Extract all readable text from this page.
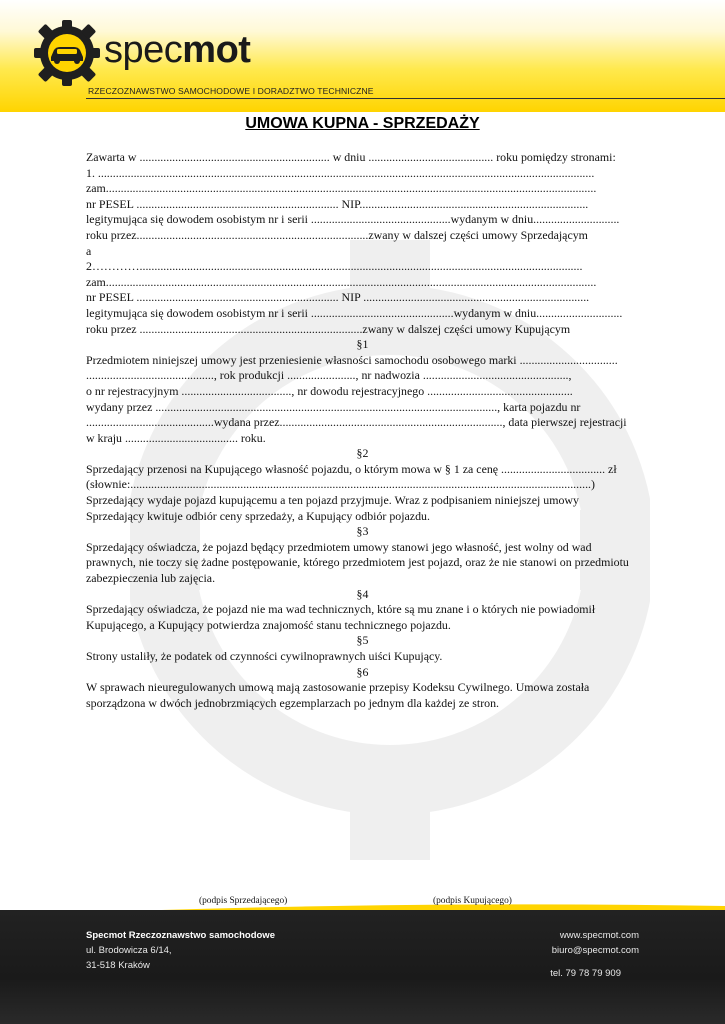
specmot
RZECZOZNAWSTWO SAMOCHODOWE I DORADZTWO TECHNICZNE
UMOWA KUPNA - SPRZEDAŻY
Zawarta w ................................................................ w dniu .......................................... roku pomiędzy stronami:
1. .......................................................................................................................................................................
zam.....................................................................................................................................................................
nr PESEL .................................................................... NIP.............................................................................
legitymująca się dowodem osobistym nr i serii ...............................................wydanym w dniu.............................
roku przez..............................................................................zwany w dalszej części umowy Sprzedającym
a
2………….....................................................................................................................................................
zam.....................................................................................................................................................................
nr PESEL .................................................................... NIP ............................................................................
legitymująca się dowodem osobistym nr i serii ................................................wydanym w dniu.............................
roku przez ...........................................................................zwany w dalszej części umowy Kupującym
§1
Przedmiotem niniejszej umowy jest przeniesienie własności samochodu osobowego marki .................................
..........................................., rok produkcji ......................., nr nadwozia .................................................,
o nr rejestracyjnym ....................................., nr dowodu rejestracyjnego .................................................
wydany przez ..................................................................................................................., karta pojazdu nr
...........................................wydana przez..........................................................................., data pierwszej rejestracji
w kraju ...................................... roku.
§2
Sprzedający przenosi na Kupującego własność pojazdu, o którym mowa w § 1 za cenę ................................... zł
(słownie:...........................................................................................................................................................)
Sprzedający wydaje pojazd kupującemu a ten pojazd przyjmuje. Wraz z podpisaniem niniejszej umowy
Sprzedający kwituje odbiór ceny sprzedaży, a Kupujący odbiór pojazdu.
§3
Sprzedający oświadcza, że pojazd będący przedmiotem umowy stanowi jego własność, jest wolny od wad prawnych, nie toczy się żadne postępowanie, którego przedmiotem jest pojazd, oraz że nie stanowi on przedmiotu zabezpieczenia lub zajęcia.
§4
Sprzedający oświadcza, że pojazd nie ma wad technicznych, które są mu znane i o których nie powiadomił Kupującego, a Kupujący potwierdza znajomość stanu technicznego pojazdu.
§5
Strony ustaliły, że podatek od czynności cywilnoprawnych uiści Kupujący.
§6
W sprawach nieuregulowanych umową mają zastosowanie przepisy Kodeksu Cywilnego. Umowa została sporządzona w dwóch jednobrzmiących egzemplarzach po jednym dla każdej ze stron.
(podpis Sprzedającego)	(podpis Kupującego)
Specmot Rzeczoznawstwo samochodowe
ul. Brodowicza 6/14,
31-518 Kraków
www.specmot.com
biuro@specmot.com
tel. 79 78 79 909
